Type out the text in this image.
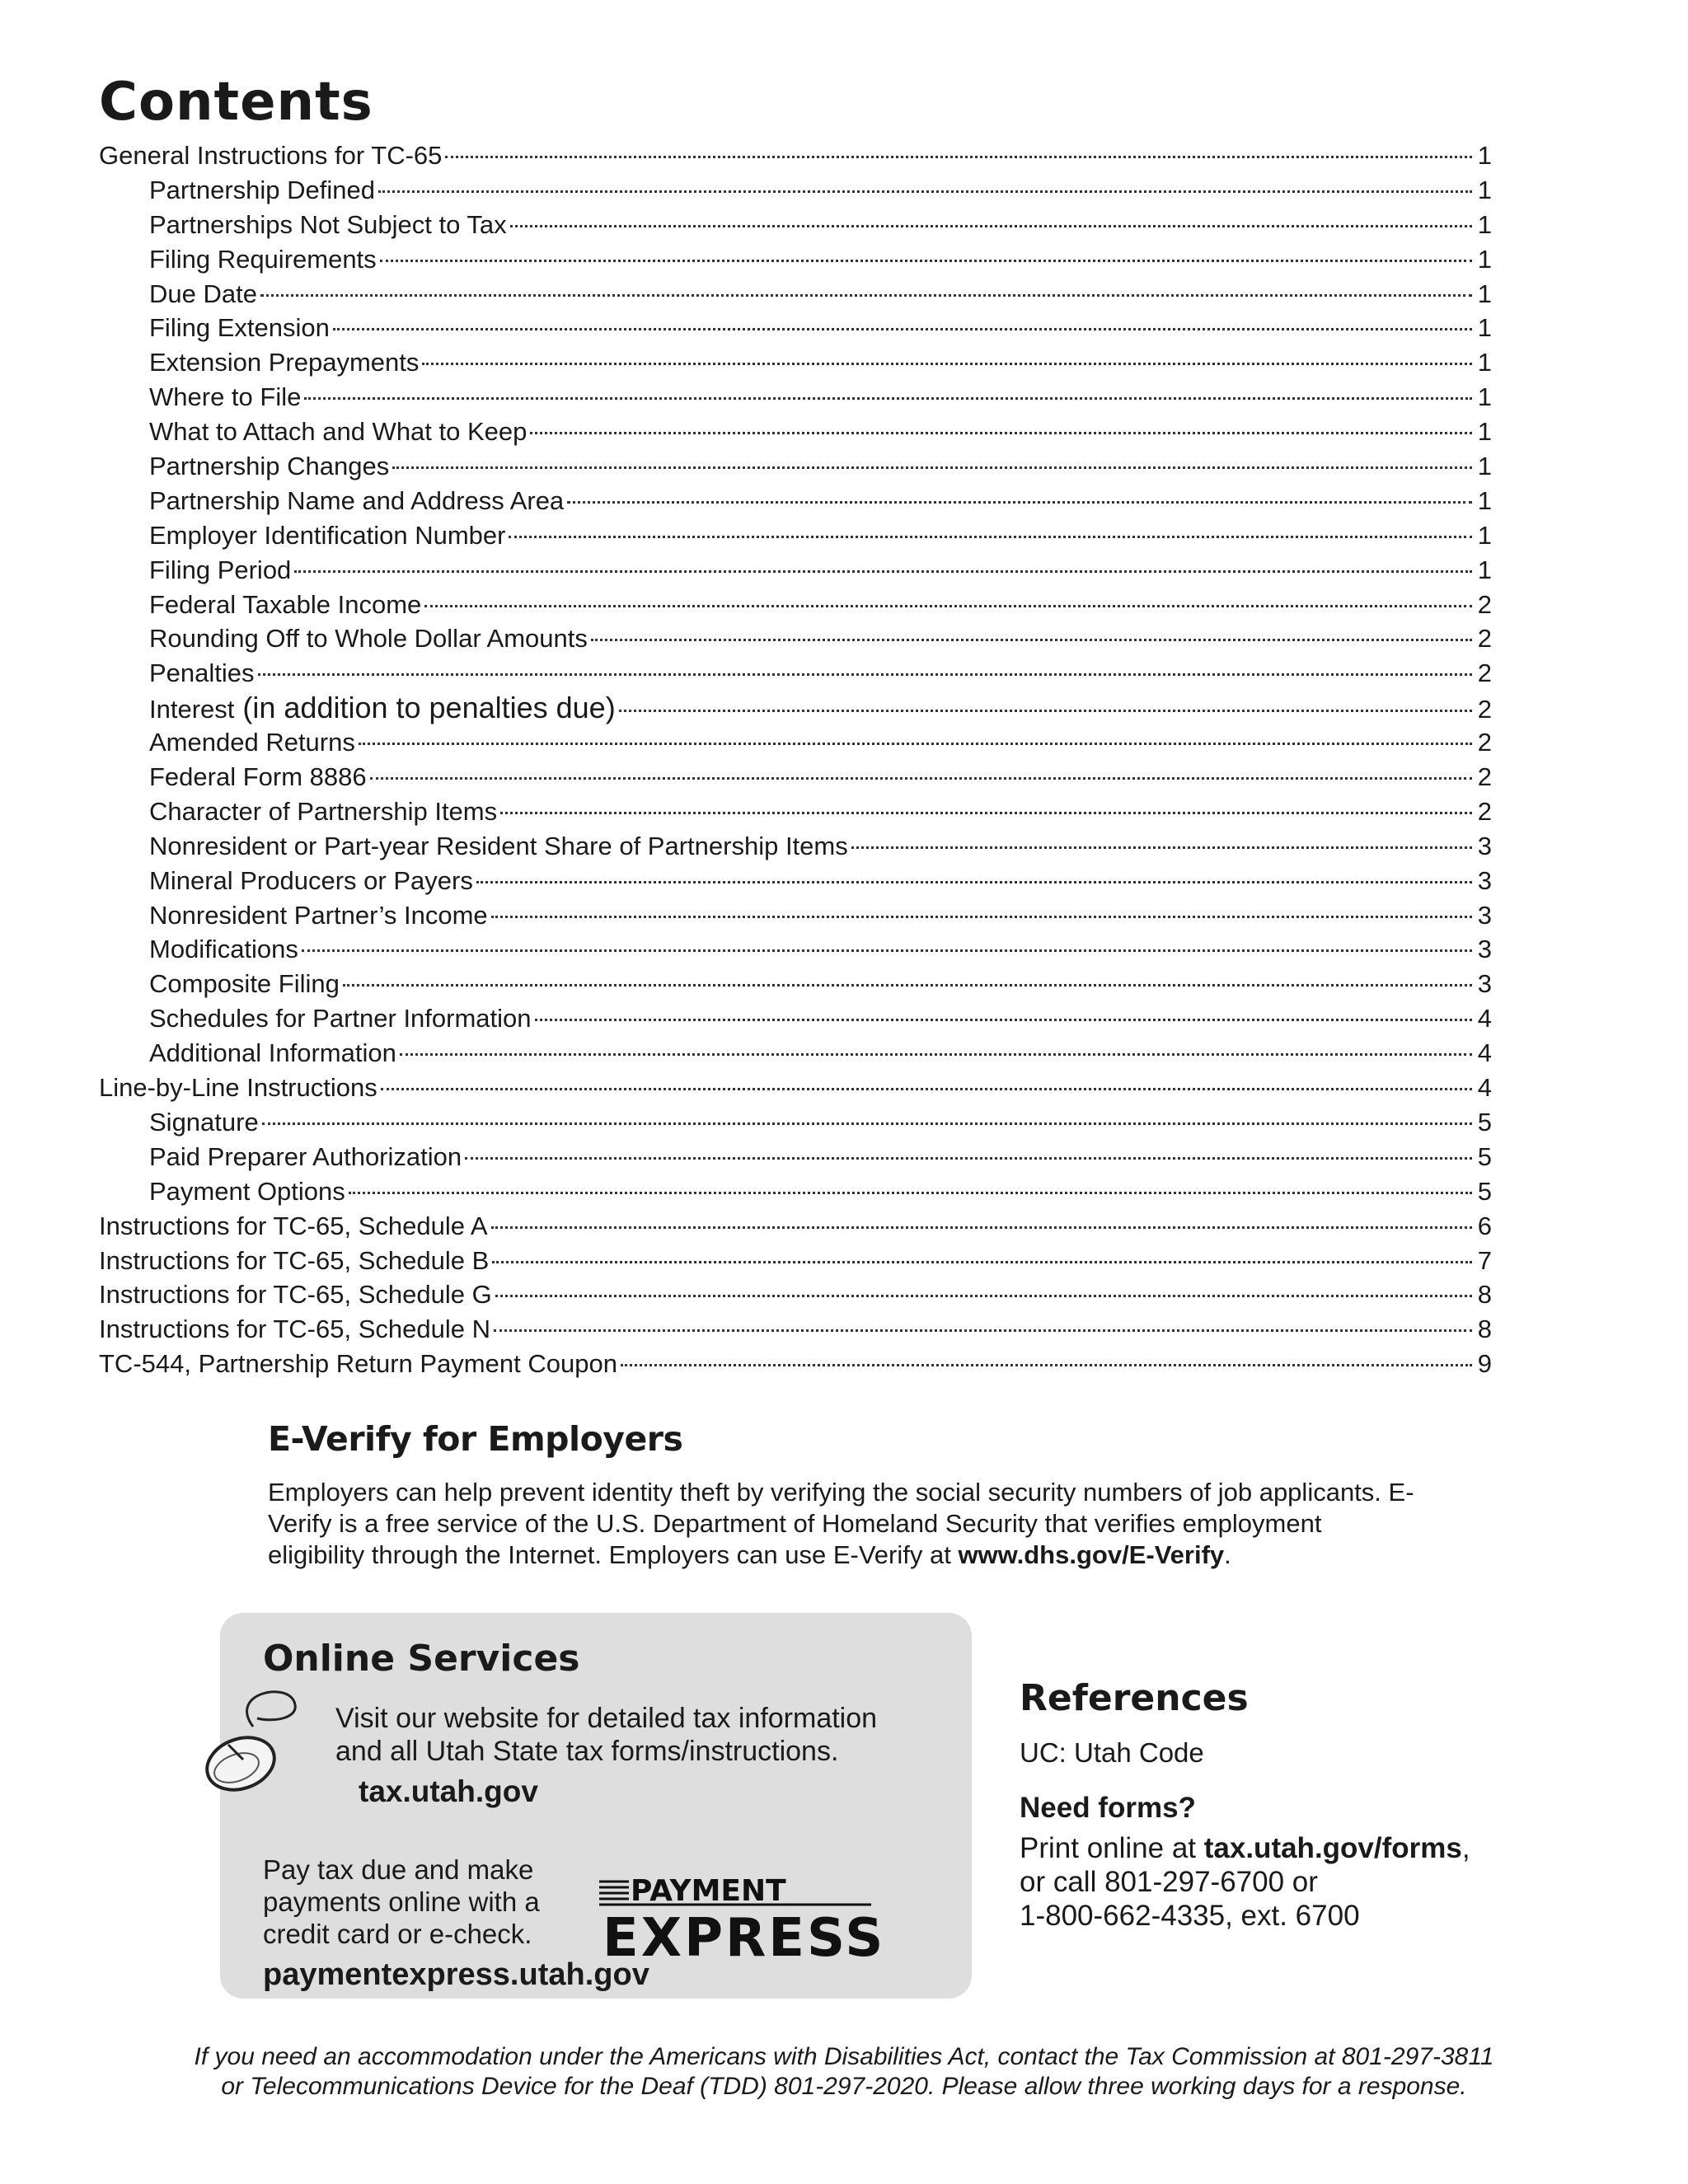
Contents
General Instructions for TC-65	1
Partnership Defined	1
Partnerships Not Subject to Tax	1
Filing Requirements	1
Due Date	1
Filing Extension	1
Extension Prepayments	1
Where to File	1
What to Attach and What to Keep	1
Partnership Changes	1
Partnership Name and Address Area	1
Employer Identification Number	1
Filing Period	1
Federal Taxable Income	2
Rounding Off to Whole Dollar Amounts	2
Penalties	2
Interest (in addition to penalties due)	2
Amended Returns	2
Federal Form 8886	2
Character of Partnership Items	2
Nonresident or Part-year Resident Share of Partnership Items	3
Mineral Producers or Payers	3
Nonresident Partner’s Income	3
Modifications	3
Composite Filing	3
Schedules for Partner Information	4
Additional Information	4
Line-by-Line Instructions	4
Signature	5
Paid Preparer Authorization	5
Payment Options	5
Instructions for TC-65, Schedule A	6
Instructions for TC-65, Schedule B	7
Instructions for TC-65, Schedule G	8
Instructions for TC-65, Schedule N	8
TC-544, Partnership Return Payment Coupon	9
E-Verify for Employers

Employers can help prevent identity theft by verifying the social security numbers of job applicants. E-Verify is a free service of the U.S. Department of Homeland Security that verifies employment eligibility through the Internet. Employers can use E-Verify at www.dhs.gov/E-Verify.

Online Services

Visit our website for detailed tax information
and all Utah State tax forms/instructions.

tax.utah.gov

Pay tax due and make
payments online with a
credit card or e-check.

PAYMENT
EXPRESS
paymentexpress.utah.gov
References

UC: Utah Code

Need forms?

Print online at tax.utah.gov/forms,
or call 801-297-6700 or
1-800-662-4335, ext. 6700

If you need an accommodation under the Americans with Disabilities Act, contact the Tax Commission at 801-297-3811
or Telecommunications Device for the Deaf (TDD) 801-297-2020. Please allow three working days for a response.
